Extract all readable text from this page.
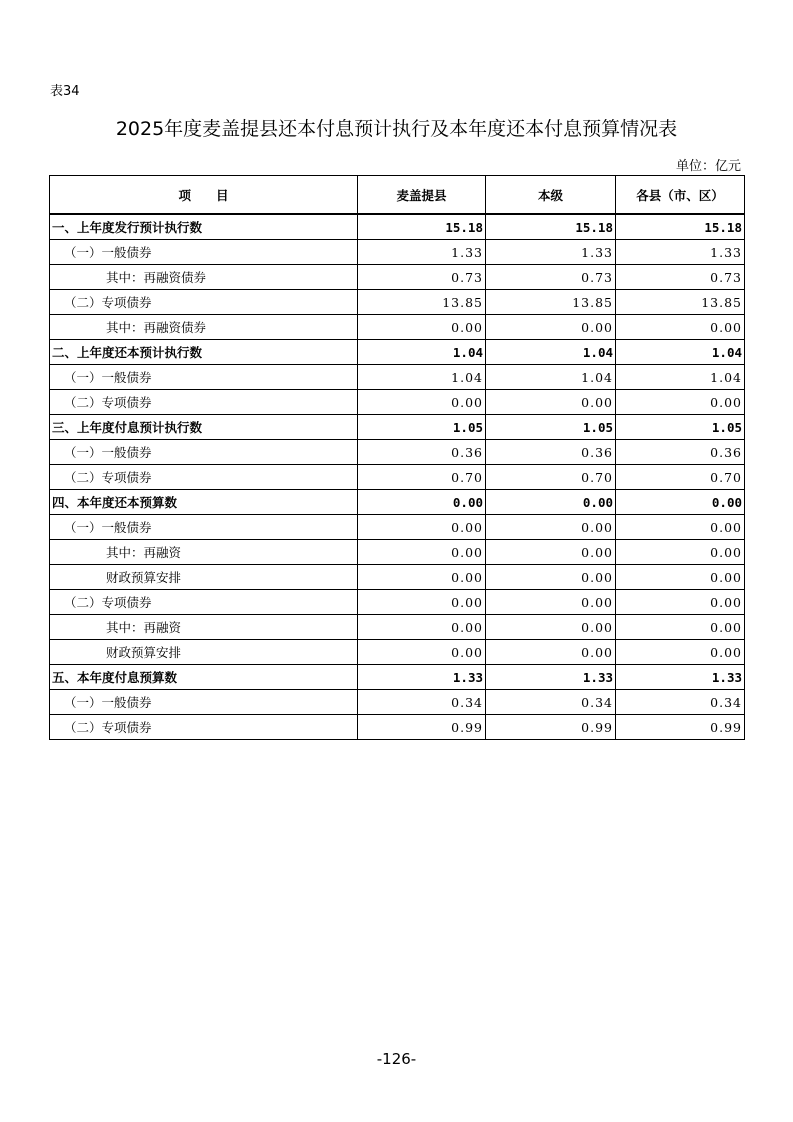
表34
2025年度麦盖提县还本付息预计执行及本年度还本付息预算情况表
单位：亿元
项　　目	麦盖提县	本级	各县（市、区）
一、上年度发行预计执行数	15.18	15.18	15.18
（一）一般债券	1.33	1.33	1.33
其中：再融资债券	0.73	0.73	0.73
（二）专项债券	13.85	13.85	13.85
其中：再融资债券	0.00	0.00	0.00
二、上年度还本预计执行数	1.04	1.04	1.04
（一）一般债券	1.04	1.04	1.04
（二）专项债券	0.00	0.00	0.00
三、上年度付息预计执行数	1.05	1.05	1.05
（一）一般债券	0.36	0.36	0.36
（二）专项债券	0.70	0.70	0.70
四、本年度还本预算数	0.00	0.00	0.00
（一）一般债券	0.00	0.00	0.00
其中：再融资	0.00	0.00	0.00
财政预算安排	0.00	0.00	0.00
（二）专项债券	0.00	0.00	0.00
其中：再融资	0.00	0.00	0.00
财政预算安排	0.00	0.00	0.00
五、本年度付息预算数	1.33	1.33	1.33
（一）一般债券	0.34	0.34	0.34
（二）专项债券	0.99	0.99	0.99
-126-
